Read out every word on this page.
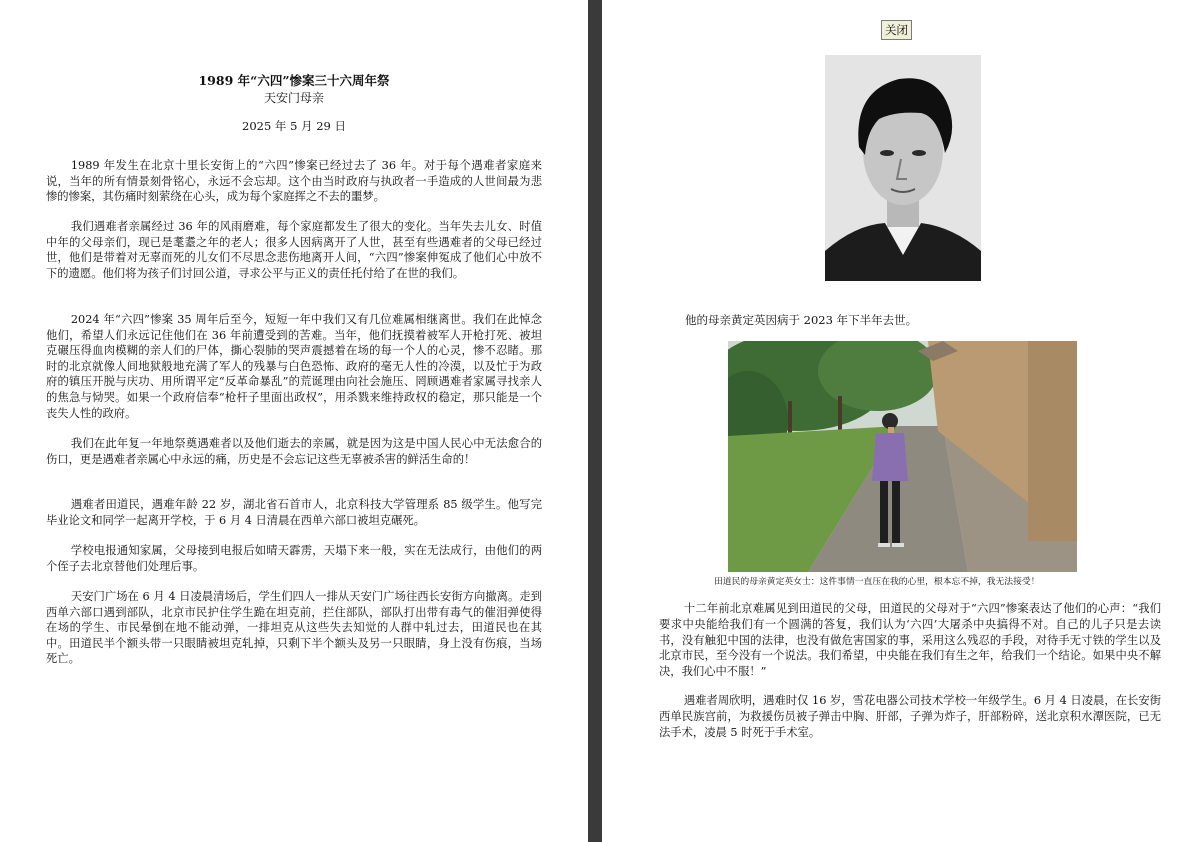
1989 年“六四”惨案三十六周年祭
天安门母亲
2025 年 5 月 29 日

1989 年发生在北京十里长安街上的“六四”惨案已经过去了 36 年。对于每个遇难者家庭来说，当年的所有情景刻骨铭心，永远不会忘却。这个由当时政府与执政者一手造成的人世间最为悲惨的惨案，其伤痛时刻萦绕在心头，成为每个家庭挥之不去的噩梦。

我们遇难者亲属经过 36 年的风雨磨难，每个家庭都发生了很大的变化。当年失去儿女、时值中年的父母亲们，现已是耄耋之年的老人；很多人因病离开了人世，甚至有些遇难者的父母已经过世，他们是带着对无辜而死的儿女们不尽思念悲伤地离开人间，“六四”惨案伸冤成了他们心中放不下的遗愿。他们将为孩子们讨回公道，寻求公平与正义的责任托付给了在世的我们。

2024 年“六四”惨案 35 周年后至今，短短一年中我们又有几位难属相继离世。我们在此悼念他们，希望人们永远记住他们在 36 年前遭受到的苦难。当年，他们抚摸着被军人开枪打死、被坦克碾压得血肉模糊的亲人们的尸体，撕心裂肺的哭声震撼着在场的每一个人的心灵，惨不忍睹。那时的北京就像人间地狱般地充满了军人的残暴与白色恐怖、政府的毫无人性的冷漠，以及忙于为政府的镇压开脱与庆功、用所谓平定“反革命暴乱”的荒诞理由向社会施压、罔顾遇难者家属寻找亲人的焦急与恸哭。如果一个政府信奉“枪杆子里面出政权”，用杀戮来维持政权的稳定，那只能是一个丧失人性的政府。

我们在此年复一年地祭奠遇难者以及他们逝去的亲属，就是因为这是中国人民心中无法愈合的伤口，更是遇难者亲属心中永远的痛，历史是不会忘记这些无辜被杀害的鲜活生命的！

遇难者田道民，遇难年龄 22 岁，湖北省石首市人，北京科技大学管理系 85 级学生。他写完毕业论文和同学一起离开学校，于 6 月 4 日清晨在西单六部口被坦克碾死。

学校电报通知家属，父母接到电报后如晴天霹雳，天塌下来一般，实在无法成行，由他们的两个侄子去北京替他们处理后事。

天安门广场在 6 月 4 日凌晨清场后，学生们四人一排从天安门广场往西长安街方向撤离。走到西单六部口遇到部队，北京市民护住学生跪在坦克前，拦住部队，部队打出带有毒气的催泪弹使得在场的学生、市民晕倒在地不能动弹，一排坦克从这些失去知觉的人群中轧过去，田道民也在其中。田道民半个额头带一只眼睛被坦克轧掉，只剩下半个额头及另一只眼睛，身上没有伤痕，当场死亡。

关闭

他的母亲黄定英因病于 2023 年下半年去世。

田道民的母亲黄定英女士：这件事情一直压在我的心里，根本忘不掉，我无法接受！

十二年前北京难属见到田道民的父母，田道民的父母对于“六四”惨案表达了他们的心声：“我们要求中央能给我们有一个圆满的答复，我们认为‘六四’大屠杀中央搞得不对。自己的儿子只是去读书，没有触犯中国的法律，也没有做危害国家的事，采用这么残忍的手段，对待手无寸铁的学生以及北京市民，至今没有一个说法。我们希望，中央能在我们有生之年，给我们一个结论。如果中央不解决，我们心中不服！”

遇难者周欣明，遇难时仅 16 岁，雪花电器公司技术学校一年级学生。6 月 4 日凌晨，在长安街西单民族宫前，为救援伤员被子弹击中胸、肝部，子弹为炸子，肝部粉碎，送北京积水潭医院，已无法手术，凌晨 5 时死于手术室。
